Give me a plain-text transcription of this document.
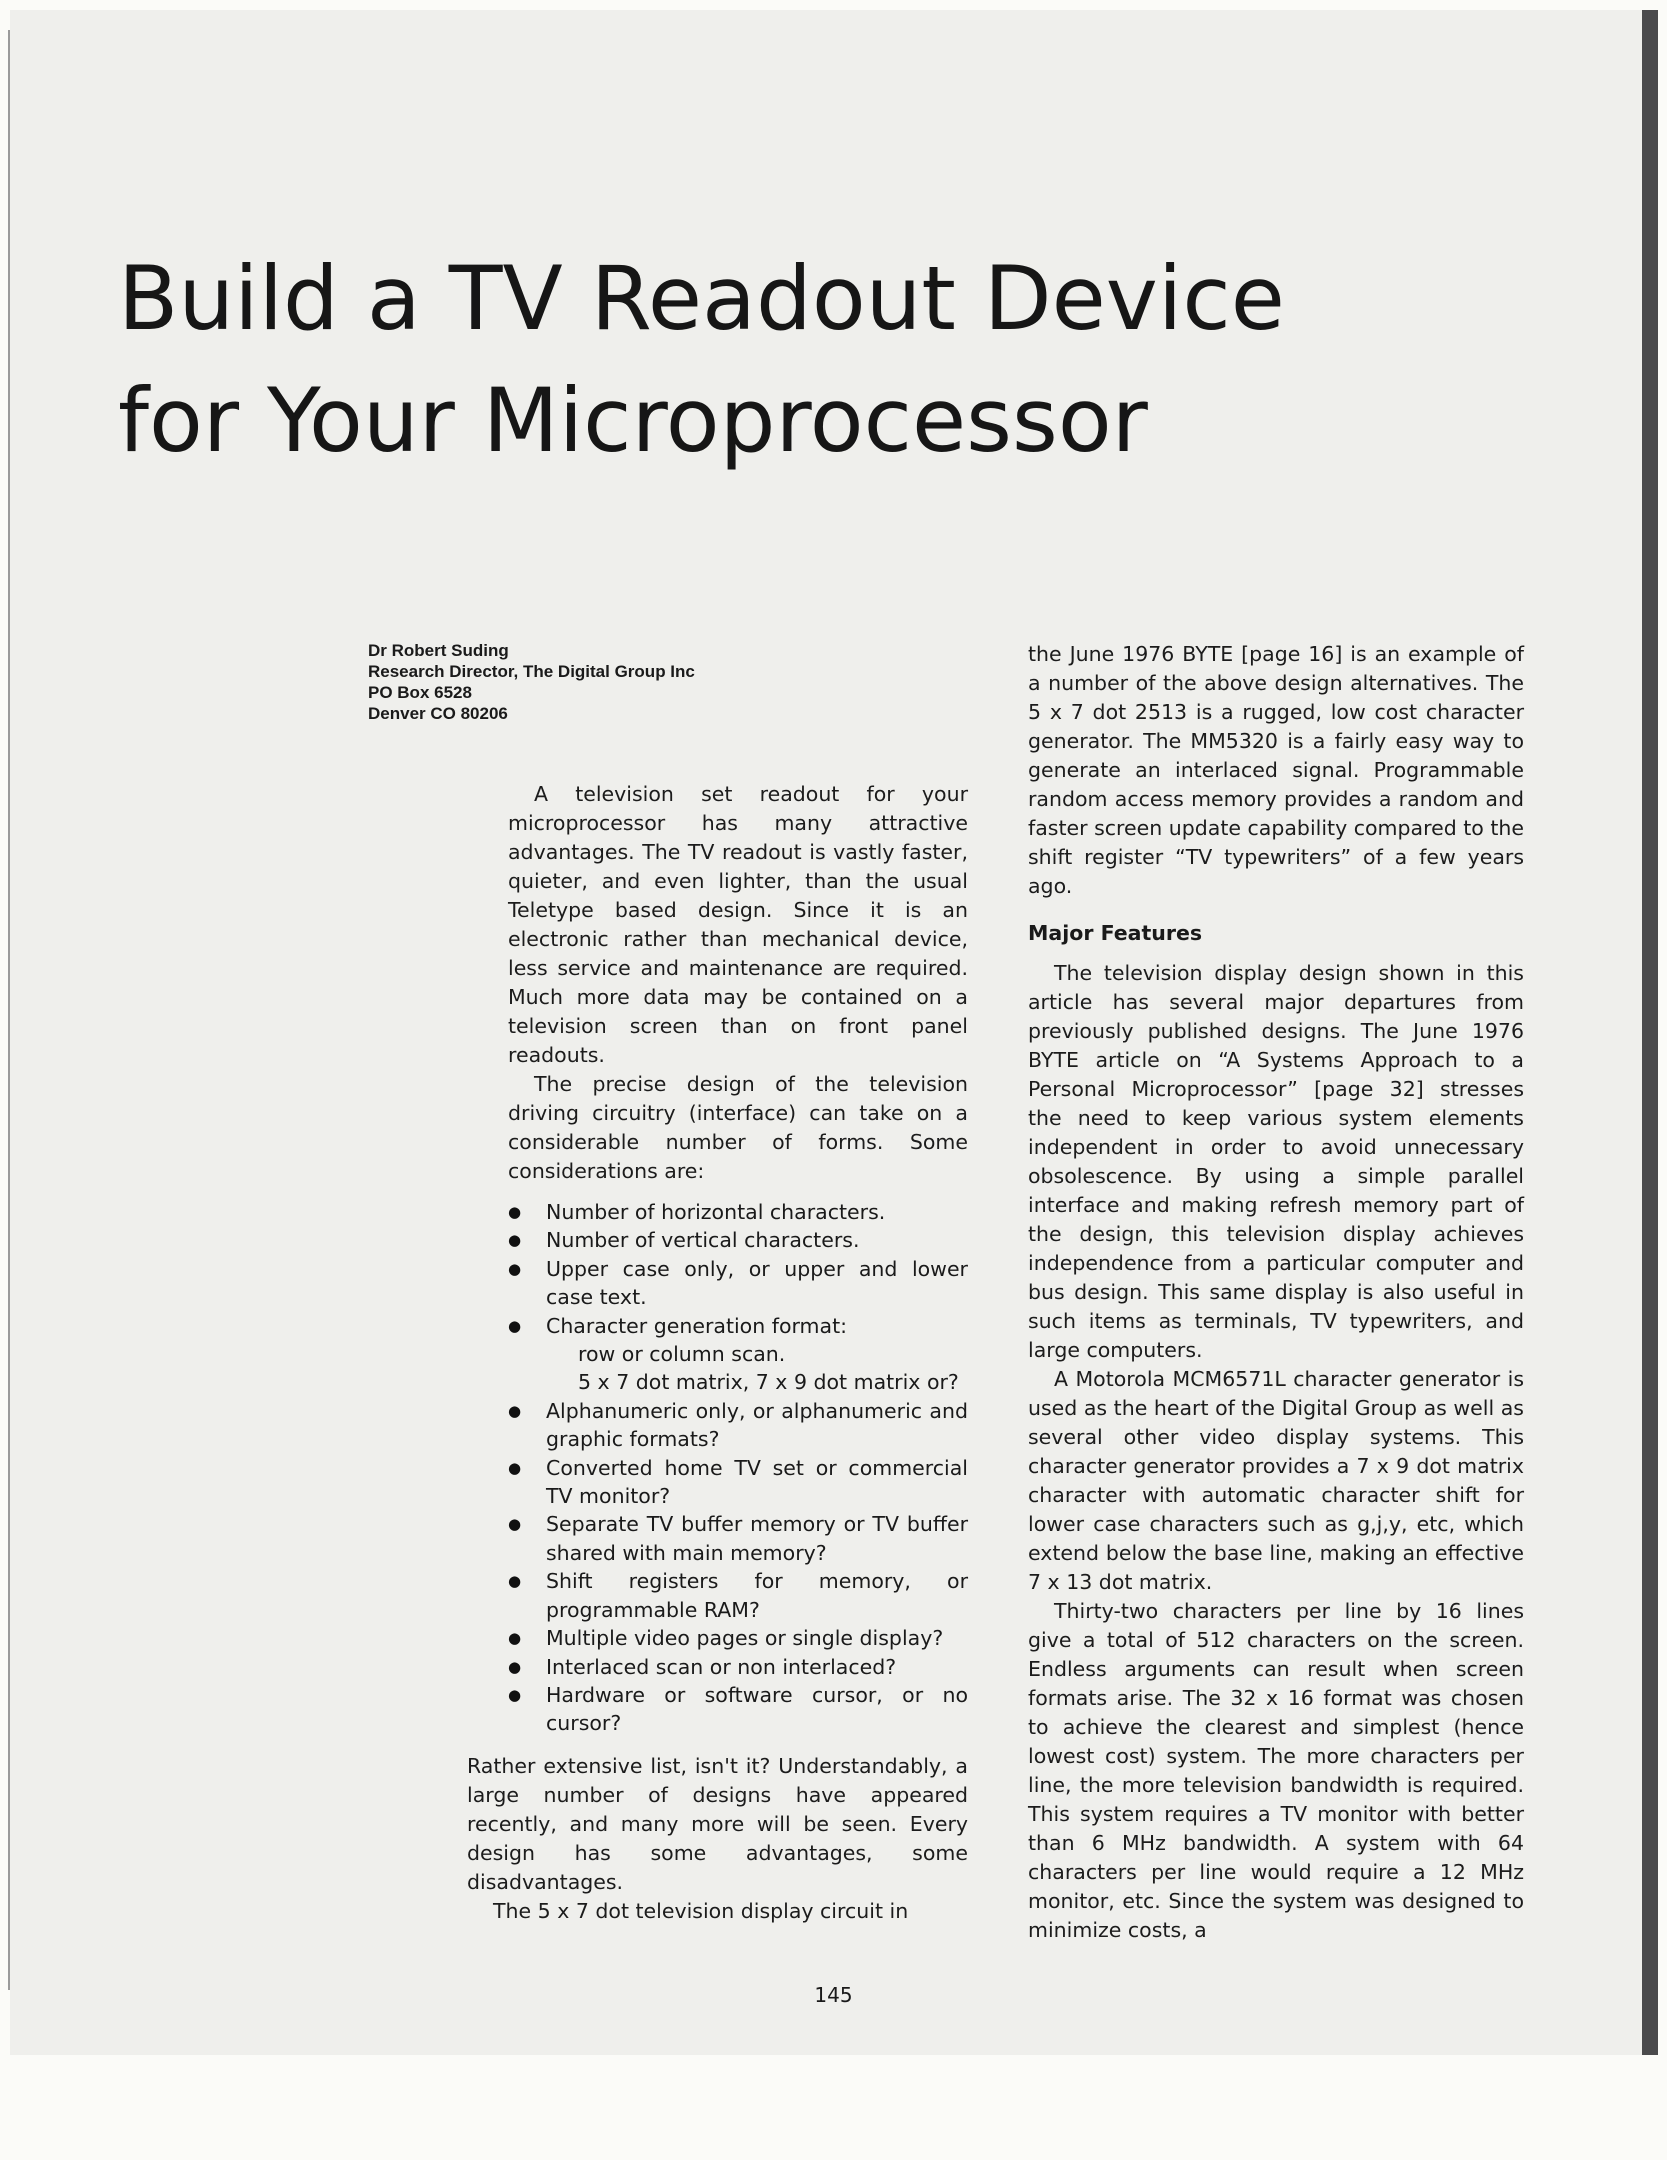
Build a TV Readout Device
for Your Microprocessor
Dr Robert Suding
Research Director, The Digital Group Inc
PO Box 6528
Denver CO 80206

A television set readout for your microprocessor has many attractive advantages. The TV readout is vastly faster, quieter, and even lighter, than the usual Teletype based design. Since it is an electronic rather than mechanical device, less service and maintenance are required. Much more data may be contained on a television screen than on front panel readouts.

The precise design of the television driving circuitry (interface) can take on a considerable number of forms. Some considerations are:

● Number of horizontal characters.
● Number of vertical characters.
● Upper case only, or upper and lower case text.
● Character generation format:
row or column scan.
5 x 7 dot matrix, 7 x 9 dot matrix or?
● Alphanumeric only, or alphanumeric and graphic formats?
● Converted home TV set or commercial TV monitor?
● Separate TV buffer memory or TV buffer shared with main memory?
● Shift registers for memory, or programmable RAM?
● Multiple video pages or single display?
● Interlaced scan or non interlaced?
● Hardware or software cursor, or no cursor?

Rather extensive list, isn't it? Understandably, a large number of designs have appeared recently, and many more will be seen. Every design has some advantages, some disadvantages.

The 5 x 7 dot television display circuit in

the June 1976 BYTE [page 16] is an example of a number of the above design alternatives. The 5 x 7 dot 2513 is a rugged, low cost character generator. The MM5320 is a fairly easy way to generate an interlaced signal. Programmable random access memory provides a random and faster screen update capability compared to the shift register “TV typewriters” of a few years ago.

Major Features

The television display design shown in this article has several major departures from previously published designs. The June 1976 BYTE article on “A Systems Approach to a Personal Microprocessor” [page 32] stresses the need to keep various system elements independent in order to avoid unnecessary obsolescence. By using a simple parallel interface and making refresh memory part of the design, this television display achieves independence from a particular computer and bus design. This same display is also useful in such items as terminals, TV typewriters, and large computers.

A Motorola MCM6571L character generator is used as the heart of the Digital Group as well as several other video display systems. This character generator provides a 7 x 9 dot matrix character with automatic character shift for lower case characters such as g,j,y, etc, which extend below the base line, making an effective 7 x 13 dot matrix.

Thirty-two characters per line by 16 lines give a total of 512 characters on the screen. Endless arguments can result when screen formats arise. The 32 x 16 format was chosen to achieve the clearest and simplest (hence lowest cost) system. The more characters per line, the more television bandwidth is required. This system requires a TV monitor with better than 6 MHz bandwidth. A system with 64 characters per line would require a 12 MHz monitor, etc. Since the system was designed to minimize costs, a

145
